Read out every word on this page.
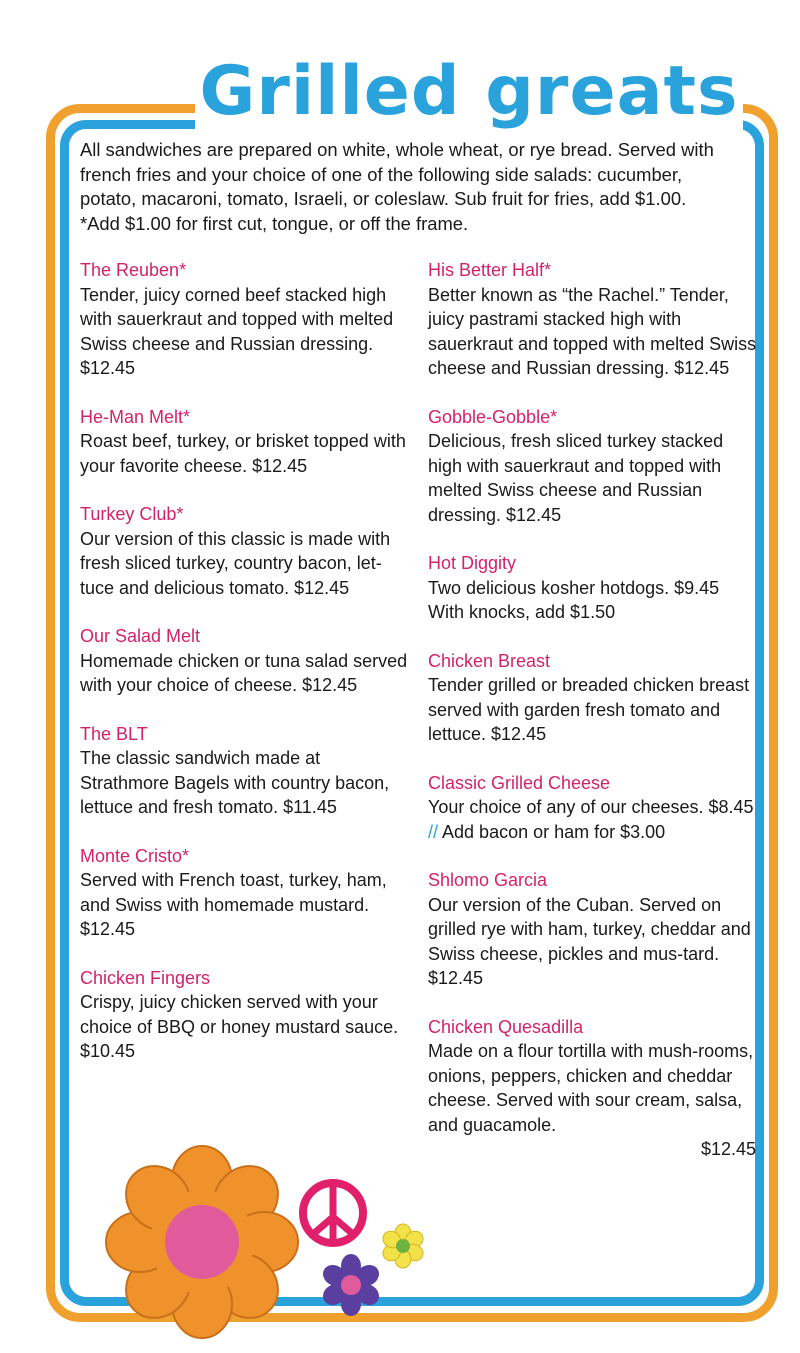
Grilled greats

All sandwiches are prepared on white, whole wheat, or rye bread. Served with french fries and your choice of one of the following side salads: cucumber, potato, macaroni, tomato, Israeli, or coleslaw. Sub fruit for fries, add $1.00. *Add $1.00 for first cut, tongue, or off the frame.

The Reuben*
Tender, juicy corned beef stacked high with sauerkraut and topped with melted Swiss cheese and Russian dressing. $12.45
He-Man Melt*
Roast beef, turkey, or brisket topped with your favorite cheese. $12.45
Turkey Club*
Our version of this classic is made with fresh sliced turkey, country bacon, let-tuce and delicious tomato. $12.45
Our Salad Melt
Homemade chicken or tuna salad served with your choice of cheese. $12.45
The BLT
The classic sandwich made at Strathmore Bagels with country bacon, lettuce and fresh tomato. $11.45
Monte Cristo*
Served with French toast, turkey, ham, and Swiss with homemade mustard. $12.45
Chicken Fingers
Crispy, juicy chicken served with your choice of BBQ or honey mustard sauce. $10.45
His Better Half*
Better known as “the Rachel.” Tender, juicy pastrami stacked high with sauerkraut and topped with melted Swiss cheese and Russian dressing. $12.45
Gobble-Gobble*
Delicious, fresh sliced turkey stacked high with sauerkraut and topped with melted Swiss cheese and Russian dressing. $12.45
Hot Diggity
Two delicious kosher hotdogs. $9.45 With knocks, add $1.50
Chicken Breast
Tender grilled or breaded chicken breast served with garden fresh tomato and lettuce. $12.45
Classic Grilled Cheese
Your choice of any of our cheeses. $8.45 // Add bacon or ham for $3.00
Shlomo Garcia
Our version of the Cuban. Served on grilled rye with ham, turkey, cheddar and Swiss cheese, pickles and mus-tard. $12.45
Chicken Quesadilla
Made on a flour tortilla with mush-rooms, onions, peppers, chicken and cheddar cheese. Served with sour cream, salsa, and guacamole.
$12.45
